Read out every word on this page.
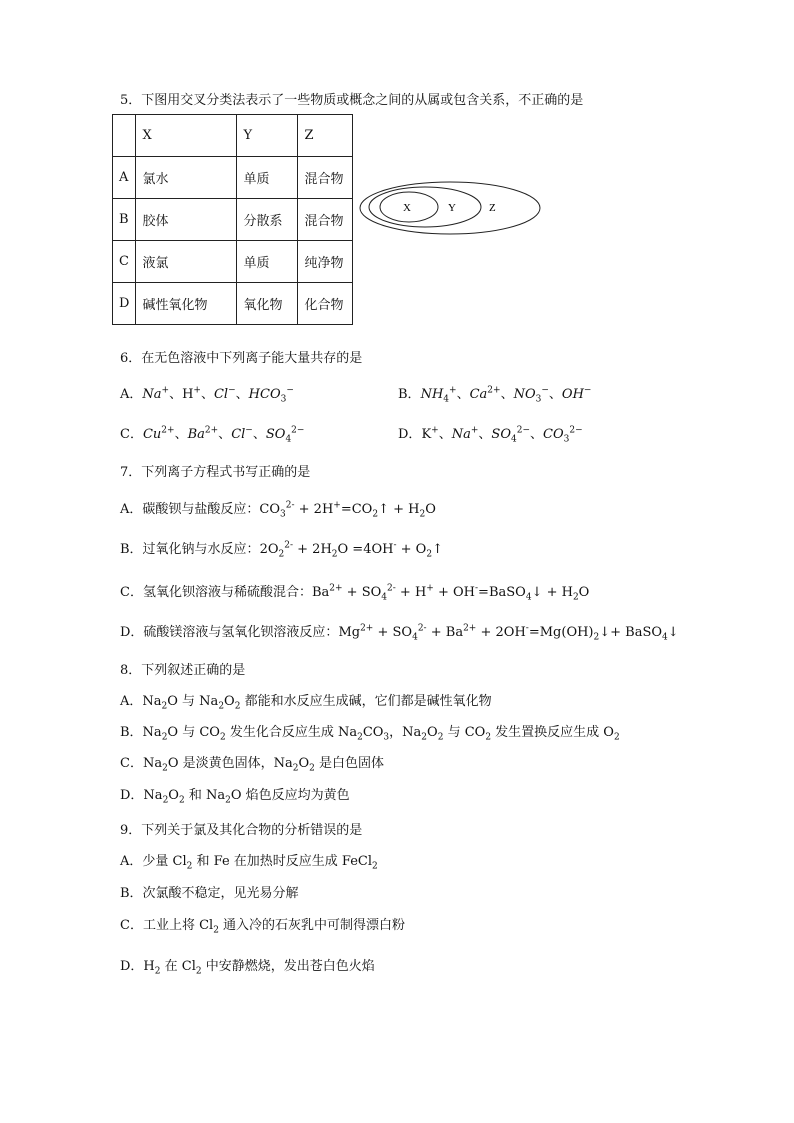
5．下图用交叉分类法表示了一些物质或概念之间的从属或包含关系，不正确的是
	X	Y	Z
A	氯水	单质	混合物
B	胶体	分散系	混合物
C	液氯	单质	纯净物
D	碱性氧化物	氧化物	化合物
X	Y	Z
6．在无色溶液中下列离子能大量共存的是
A．Na+、H+、Cl−、$HCO_3^-$	B．$NH_4^+$、$Ca^{2+}$、$NO_3^-$、OH−
C．$Cu^{2+}$、$Ba^{2+}$、Cl−、$SO_4^{2-}$	D．K+、Na+、$SO_4^{2-}$、$CO_3^{2-}$
7．下列离子方程式书写正确的是
A．碳酸钡与盐酸反应：$CO_3^{2-}$ + $2H^+=CO_2↑ + H_2O$
B．过氧化钠与水反应：$2O_2^{2-} + 2H_2O =4OH^-$ + $O_2↑$
C．氢氧化钡溶液与稀硫酸混合：$Ba^{2+} + SO_4^{2-} + H^+$ + OH-=BaSO$_4$↓ + $H_2O$
D．硫酸镁溶液与氢氧化钡溶液反应：$Mg^{2+} + SO_4^{2-} + Ba^{2+}$ + $2OH^-=Mg(OH)_2↓+$ BaSO$_4$↓
8．下列叙述正确的是
A．$Na_2O$ 与 $Na_2O_2$ 都能和水反应生成碱，它们都是碱性氧化物
B．$Na_2O$ 与 $CO_2$ 发生化合反应生成 $Na_2CO_3$，$Na_2O_2$ 与 $CO_2$ 发生置换反应生成 $O_2$
C．$Na_2O$ 是淡黄色固体，$Na_2O_2$ 是白色固体
D．$Na_2O_2$ 和 $Na_2O$ 焰色反应均为黄色
9．下列关于氯及其化合物的分析错误的是
A．少量 $Cl_2$ 和 Fe 在加热时反应生成 FeCl$_2$
B．次氯酸不稳定，见光易分解
C．工业上将 $Cl_2$ 通入冷的石灰乳中可制得漂白粉
D．$H_2$ 在 $Cl_2$ 中安静燃烧，发出苍白色火焰
